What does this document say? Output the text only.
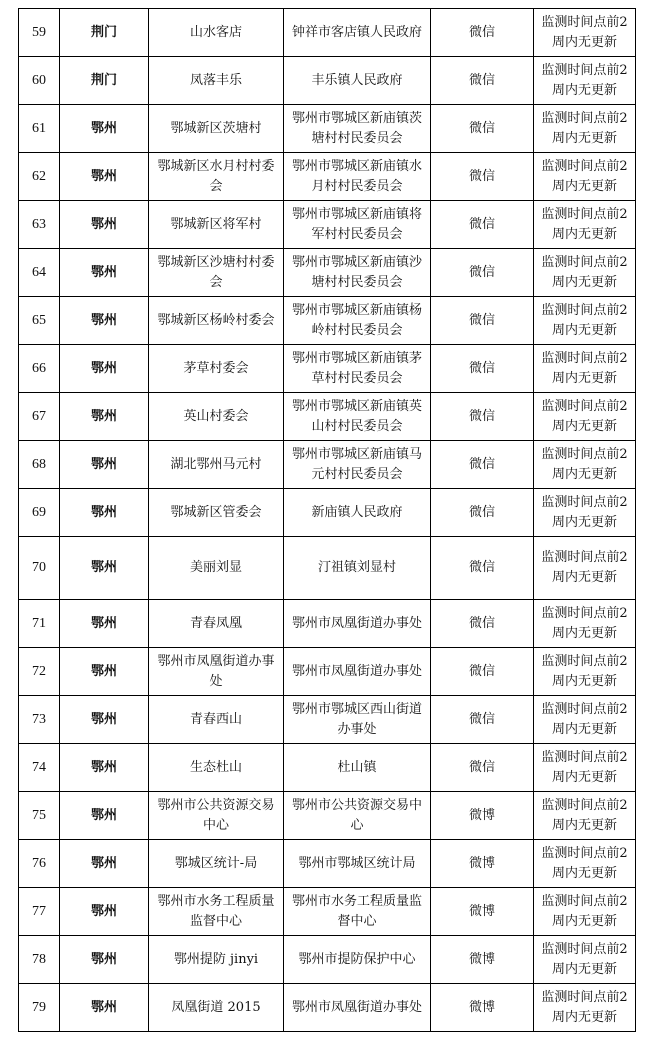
59	荆门	山水客店	钟祥市客店镇人民政府	微信	监测时间点前2周内无更新
60	荆门	凤落丰乐	丰乐镇人民政府	微信	监测时间点前2周内无更新
61	鄂州	鄂城新区茨塘村	鄂州市鄂城区新庙镇茨塘村村民委员会	微信	监测时间点前2周内无更新
62	鄂州	鄂城新区水月村村委会	鄂州市鄂城区新庙镇水月村村民委员会	微信	监测时间点前2周内无更新
63	鄂州	鄂城新区将军村	鄂州市鄂城区新庙镇将军村村民委员会	微信	监测时间点前2周内无更新
64	鄂州	鄂城新区沙塘村村委会	鄂州市鄂城区新庙镇沙塘村村民委员会	微信	监测时间点前2周内无更新
65	鄂州	鄂城新区杨岭村委会	鄂州市鄂城区新庙镇杨岭村村民委员会	微信	监测时间点前2周内无更新
66	鄂州	茅草村委会	鄂州市鄂城区新庙镇茅草村村民委员会	微信	监测时间点前2周内无更新
67	鄂州	英山村委会	鄂州市鄂城区新庙镇英山村村民委员会	微信	监测时间点前2周内无更新
68	鄂州	湖北鄂州马元村	鄂州市鄂城区新庙镇马元村村民委员会	微信	监测时间点前2周内无更新
69	鄂州	鄂城新区管委会	新庙镇人民政府	微信	监测时间点前2周内无更新
70	鄂州	美丽刘显	汀祖镇刘显村	微信	监测时间点前2周内无更新
71	鄂州	青春凤凰	鄂州市凤凰街道办事处	微信	监测时间点前2周内无更新
72	鄂州	鄂州市凤凰街道办事处	鄂州市凤凰街道办事处	微信	监测时间点前2周内无更新
73	鄂州	青春西山	鄂州市鄂城区西山街道办事处	微信	监测时间点前2周内无更新
74	鄂州	生态杜山	杜山镇	微信	监测时间点前2周内无更新
75	鄂州	鄂州市公共资源交易中心	鄂州市公共资源交易中心	微博	监测时间点前2周内无更新
76	鄂州	鄂城区统计-局	鄂州市鄂城区统计局	微博	监测时间点前2周内无更新
77	鄂州	鄂州市水务工程质量监督中心	鄂州市水务工程质量监督中心	微博	监测时间点前2周内无更新
78	鄂州	鄂州提防 jinyi	鄂州市提防保护中心	微博	监测时间点前2周内无更新
79	鄂州	凤凰街道 2015	鄂州市凤凰街道办事处	微博	监测时间点前2周内无更新
